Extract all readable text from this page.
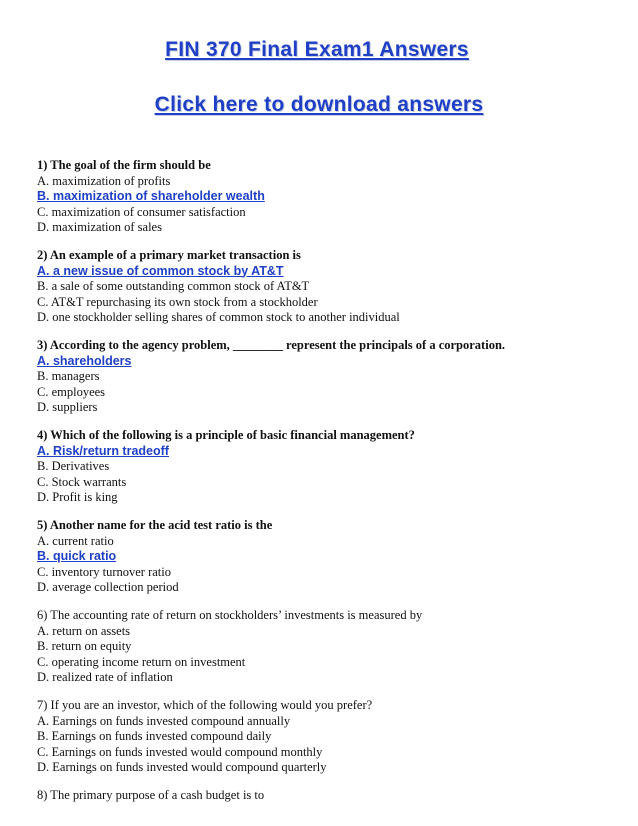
FIN 370 Final Exam1 Answers
Click here to download answers
1) The goal of the firm should be
A. maximization of profits
B. maximization of shareholder wealth
C. maximization of consumer satisfaction
D. maximization of sales
2) An example of a primary market transaction is
A. a new issue of common stock by AT&T
B. a sale of some outstanding common stock of AT&T
C. AT&T repurchasing its own stock from a stockholder
D. one stockholder selling shares of common stock to another individual
3) According to the agency problem, ________ represent the principals of a corporation.
A. shareholders
B. managers
C. employees
D. suppliers
4) Which of the following is a principle of basic financial management?
A. Risk/return tradeoff
B. Derivatives
C. Stock warrants
D. Profit is king
5) Another name for the acid test ratio is the
A. current ratio
B. quick ratio
C. inventory turnover ratio
D. average collection period
6) The accounting rate of return on stockholders’ investments is measured by
A. return on assets
B. return on equity
C. operating income return on investment
D. realized rate of inflation
7) If you are an investor, which of the following would you prefer?
A. Earnings on funds invested compound annually
B. Earnings on funds invested compound daily
C. Earnings on funds invested would compound monthly
D. Earnings on funds invested would compound quarterly
8) The primary purpose of a cash budget is to
